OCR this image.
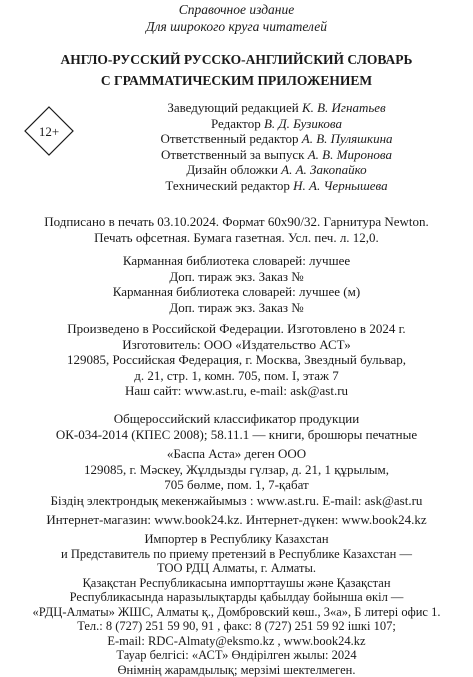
Справочное издание
Для широкого круга читателей
АНГЛО-РУССКИЙ РУССКО-АНГЛИЙСКИЙ СЛОВАРЬ
С ГРАММАТИЧЕСКИМ ПРИЛОЖЕНИЕМ
12+
Заведующий редакцией К. В. Игнатьев
Редактор В. Д. Бузикова
Ответственный редактор А. В. Пуляшкина
Ответственный за выпуск А. В. Миронова
Дизайн обложки А. А. Закопайко
Технический редактор Н. А. Чернышева
Подписано в печать 03.10.2024. Формат 60x90/32. Гарнитура Newton.
Печать офсетная. Бумага газетная. Усл. печ. л. 12,0.
Карманная библиотека словарей: лучшее
Доп. тираж экз. Заказ №
Карманная библиотека словарей: лучшее (м)
Доп. тираж экз. Заказ №
Произведено в Российской Федерации. Изготовлено в 2024 г.
Изготовитель: ООО «Издательство АСТ»
129085, Российская Федерация, г. Москва, Звездный бульвар,
д. 21, стр. 1, комн. 705, пом. I, этаж 7
Наш сайт: www.ast.ru, e-mail: ask@ast.ru
Общероссийский классификатор продукции
ОК-034-2014 (КПЕС 2008); 58.11.1 — книги, брошюры печатные
«Баспа Аста» деген ООО
129085, г. Мәскеу, Жұлдызды гүлзар, д. 21, 1 құрылым,
705 бөлме, пом. 1, 7-қабат
Біздің электрондық мекенжайымыз : www.ast.ru. E-mail: ask@ast.ru
Интернет-магазин: www.book24.kz. Интернет-дүкен: www.book24.kz
Импортер в Республику Казахстан
и Представитель по приему претензий в Республике Казахстан —
ТОО РДЦ Алматы, г. Алматы.
Қазақстан Республикасына импорттаушы және Қазақстан
Республикасында наразылықтарды қабылдау бойынша өкіл —
«РДЦ-Алматы» ЖШС, Алматы қ., Домбровский көш., 3«а», Б литері офис 1.
Тел.: 8 (727) 251 59 90, 91 , факс: 8 (727) 251 59 92 ішкі 107;
E-mail: RDC-Almaty@eksmo.kz , www.book24.kz
Тауар белгісі: «АСТ» Өндірілген жылы: 2024
Өнімнің жарамдылық; мерзімі шектелмеген.
